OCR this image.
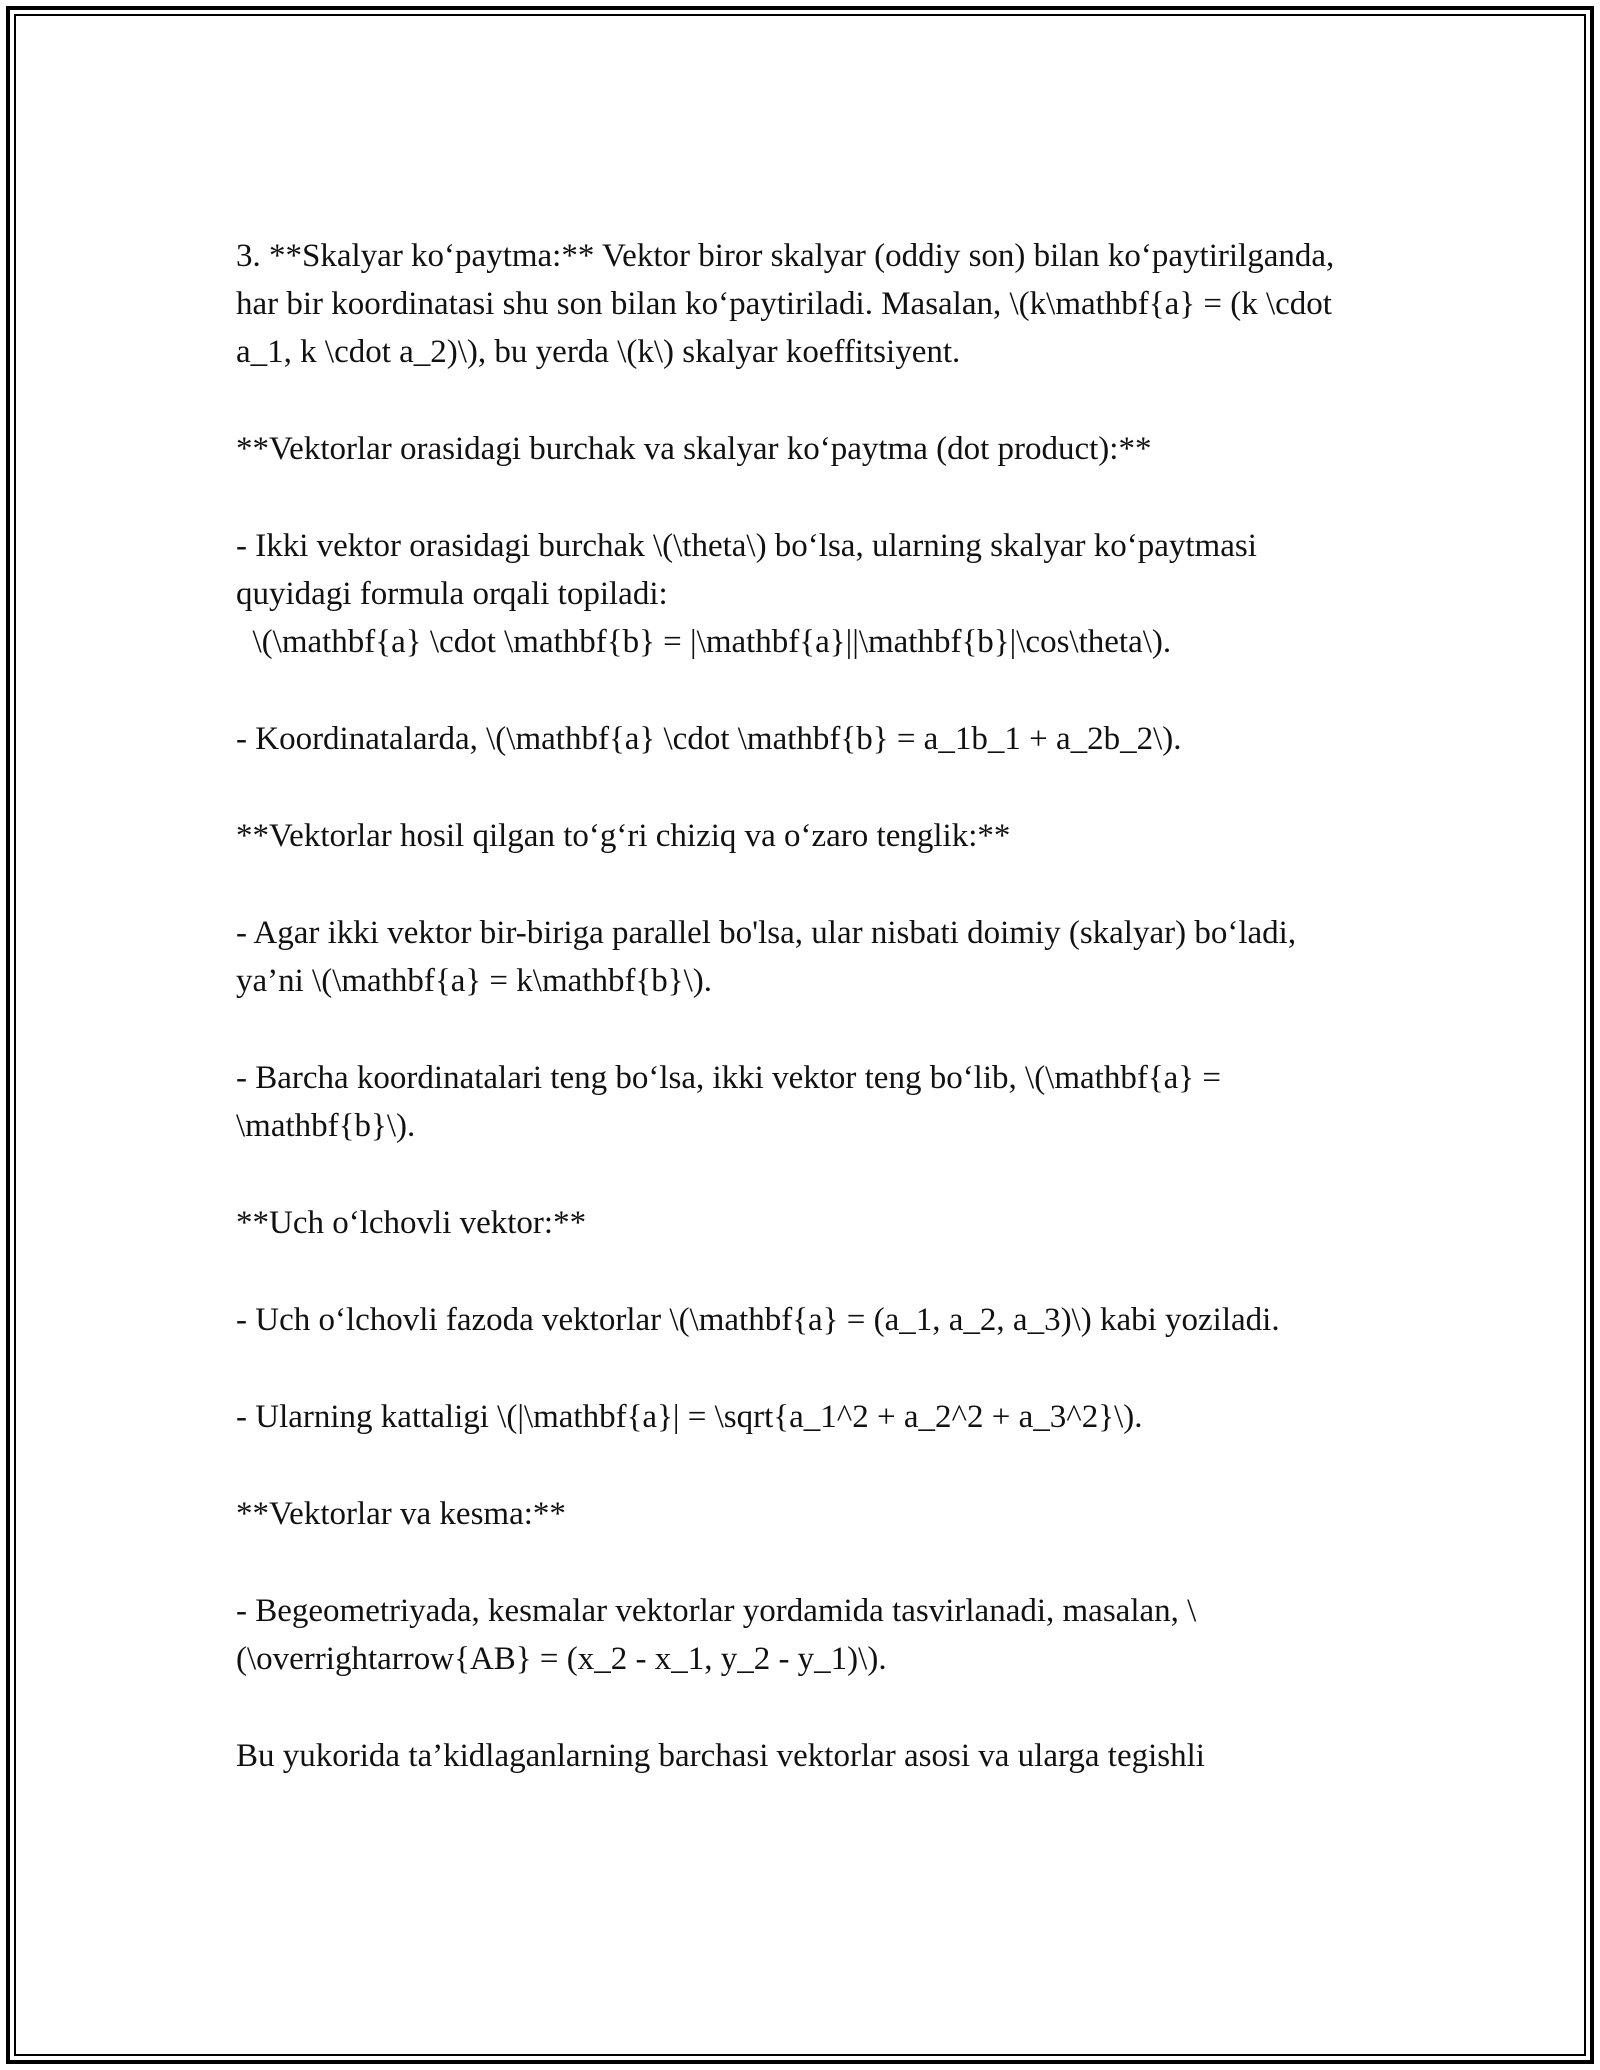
3. **Skalyar ko‘paytma:** Vektor biror skalyar (oddiy son) bilan ko‘paytirilganda, har bir koordinatasi shu son bilan ko‘paytiriladi. Masalan, \(k\mathbf{a} = (k \cdot a_1, k \cdot a_2)\), bu yerda \(k\) skalyar koeffitsiyent.

**Vektorlar orasidagi burchak va skalyar ko‘paytma (dot product):**

- Ikki vektor orasidagi burchak \(\theta\) bo‘lsa, ularning skalyar ko‘paytmasi quyidagi formula orqali topiladi:
\(\mathbf{a} \cdot \mathbf{b} = |\mathbf{a}||\mathbf{b}|\cos\theta\).

- Koordinatalarda, \(\mathbf{a} \cdot \mathbf{b} = a_1b_1 + a_2b_2\).

**Vektorlar hosil qilgan to‘g‘ri chiziq va o‘zaro tenglik:**

- Agar ikki vektor bir-biriga parallel bo'lsa, ular nisbati doimiy (skalyar) bo‘ladi, ya’ni \(\mathbf{a} = k\mathbf{b}\).

- Barcha koordinatalari teng bo‘lsa, ikki vektor teng bo‘lib, \(\mathbf{a} = \mathbf{b}\).

**Uch o‘lchovli vektor:**

- Uch o‘lchovli fazoda vektorlar \(\mathbf{a} = (a_1, a_2, a_3)\) kabi yoziladi.

- Ularning kattaligi \(|\mathbf{a}| = \sqrt{a_1^2 + a_2^2 + a_3^2}\).

**Vektorlar va kesma:**

- Begeometriyada, kesmalar vektorlar yordamida tasvirlanadi, masalan, \(\overrightarrow{AB} = (x_2 - x_1, y_2 - y_1)\).

Bu yukorida ta’kidlaganlarning barchasi vektorlar asosi va ularga tegishli
